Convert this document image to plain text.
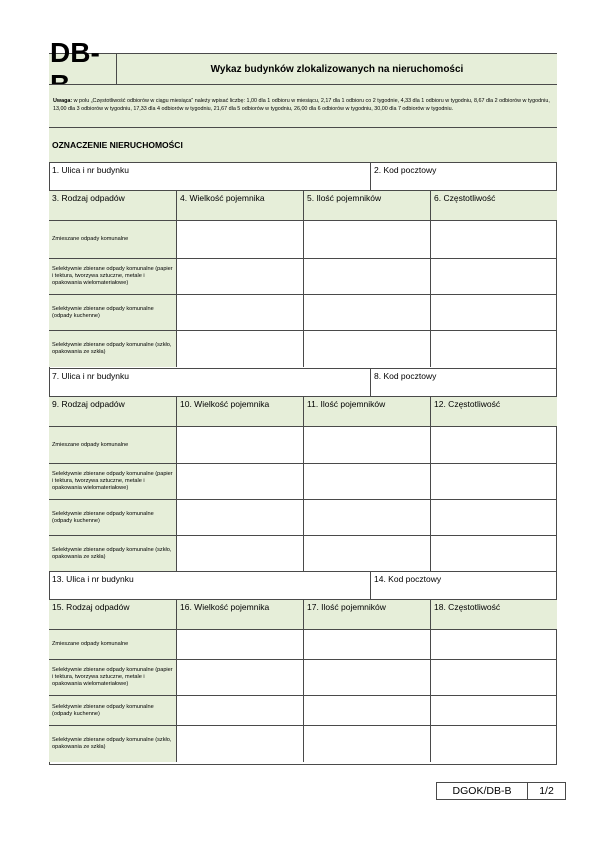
DB-
Wykaz budynków zlokalizowanych na nieruchomości
Uwaga: w polu „Częstotliwość odbiorów w ciągu miesiąca” należy wpisać liczbę: 1,00 dla 1 odbioru w miesiącu, 2,17 dla 1 odbioru co 2 tygodnie, 4,33 dla 1 odbioru w tygodniu, 8,67 dla 2 odbiorów w tygodniu, 13,00 dla 3 odbiorów w tygodniu, 17,33 dla 4 odbiorów w tygodniu, 21,67 dla 5 odbiorów w tygodniu, 26,00 dla 6 odbiorów w tygodniu, 30,00 dla 7 odbiorów w tygodniu.
OZNACZENIE NIERUCHOMOŚCI
1. Ulica i nr budynku	2. Kod pocztowy
3. Rodzaj odpadów	4. Wielkość pojemnika	5. Ilość pojemników	6. Częstotliwość
Zmieszane odpady komunalne
Selektywnie zbierane odpady komunalne (papier i tektura, tworzywa sztuczne, metale i opakowania wielomateriałowe)
Selektywnie zbierane odpady komunalne (odpady kuchenne)
Selektywnie zbierane odpady komunalne (szkło, opakowania ze szkła)
7. Ulica i nr budynku	8. Kod pocztowy
9. Rodzaj odpadów	10. Wielkość pojemnika	11. Ilość pojemników	12. Częstotliwość
Zmieszane odpady komunalne
Selektywnie zbierane odpady komunalne (papier i tektura, tworzywa sztuczne, metale i opakowania wielomateriałowe)
Selektywnie zbierane odpady komunalne (odpady kuchenne)
Selektywnie zbierane odpady komunalne (szkło, opakowania ze szkła)
13. Ulica i nr budynku	14. Kod pocztowy
15. Rodzaj odpadów	16. Wielkość pojemnika	17. Ilość pojemników	18. Częstotliwość
Zmieszane odpady komunalne
Selektywnie zbierane odpady komunalne (papier i tektura, tworzywa sztuczne, metale i opakowania wielomateriałowe)
Selektywnie zbierane odpady komunalne (odpady kuchenne)
Selektywnie zbierane odpady komunalne (szkło, opakowania ze szkła)
DGOK/DB-B	1/2
